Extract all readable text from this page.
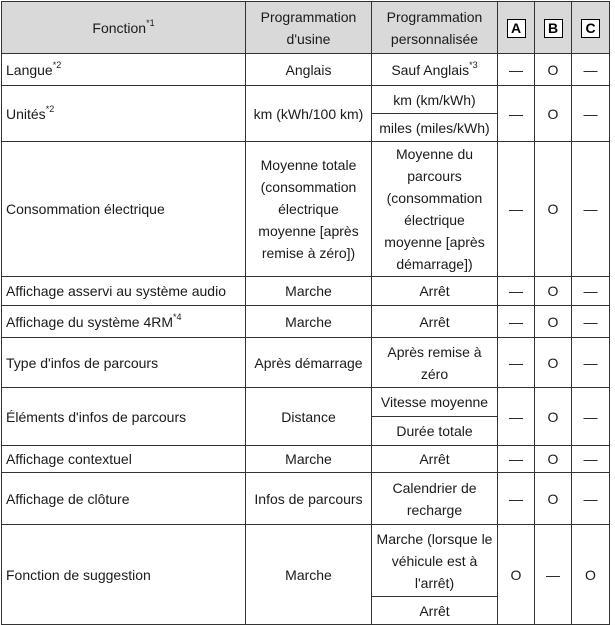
Fonction$^{*1}$	Programmation d'usine	Programmation personnalisée	A	B	C
Langue$^{*2}$	Anglais	Sauf Anglais$^{*3}$	—	O	—
Unités$^{*2}$	km (kWh/100 km)	km (km/kWh)	—	O	—
		miles (miles/kWh)			
Consommation électrique	Moyenne totale (consommation électrique moyenne [après remise à zéro])	Moyenne du parcours (consommation électrique moyenne [après démarrage])	—	O	—
Affichage asservi au système audio	Marche	Arrêt	—	O	—
Affichage du système 4RM$^{*4}$	Marche	Arrêt	—	O	—
Type d'infos de parcours	Après démarrage	Après remise à zéro	—	O	—
Éléments d'infos de parcours	Distance	Vitesse moyenne	—	O	—
		Durée totale			
Affichage contextuel	Marche	Arrêt	—	O	—
Affichage de clôture	Infos de parcours	Calendrier de recharge	—	O	—
Fonction de suggestion	Marche	Marche (lorsque le véhicule est à l'arrêt)	O	—	O
		Arrêt			
